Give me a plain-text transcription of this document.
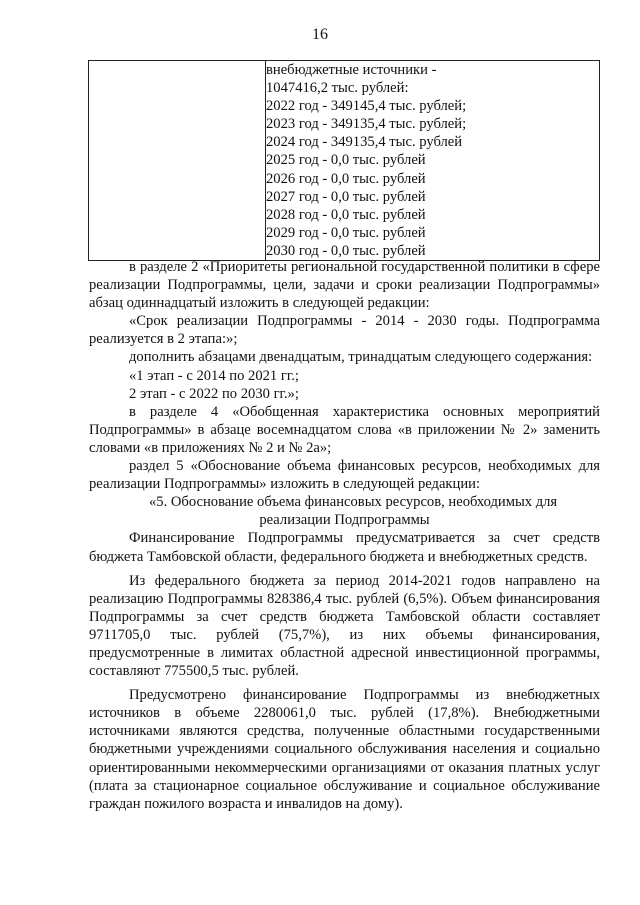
16

внебюджетные источники -
1047416,2 тыс. рублей:
2022 год - 349145,4 тыс. рублей;
2023 год - 349135,4 тыс. рублей;
2024 год - 349135,4 тыс. рублей
2025 год - 0,0 тыс. рублей
2026 год - 0,0 тыс. рублей
2027 год - 0,0 тыс. рублей
2028 год - 0,0 тыс. рублей
2029 год - 0,0 тыс. рублей
2030 год - 0,0 тыс. рублей
в разделе 2 «Приоритеты региональной государственной политики в сфере реализации Подпрограммы, цели, задачи и сроки реализации Подпрограммы» абзац одиннадцатый изложить в следующей редакции:
«Срок реализации Подпрограммы - 2014 - 2030 годы. Подпрограмма реализуется в 2 этапа:»;
дополнить абзацами двенадцатым, тринадцатым следующего содержания:
«1 этап - с 2014 по 2021 гг.;
2 этап - с 2022 по 2030 гг.»;
в разделе 4 «Обобщенная характеристика основных мероприятий Подпрограммы» в абзаце восемнадцатом слова «в приложении № 2» заменить словами «в приложениях № 2 и № 2а»;
раздел 5 «Обоснование объема финансовых ресурсов, необходимых для реализации Подпрограммы» изложить в следующей редакции:
«5. Обоснование объема финансовых ресурсов, необходимых для
реализации Подпрограммы
Финансирование Подпрограммы предусматривается за счет средств бюджета Тамбовской области, федерального бюджета и внебюджетных средств.
Из федерального бюджета за период 2014-2021 годов направлено на реализацию Подпрограммы 828386,4 тыс. рублей (6,5%). Объем финансирования Подпрограммы за счет средств бюджета Тамбовской области составляет 9711705,0 тыс. рублей (75,7%), из них объемы финансирования, предусмотренные в лимитах областной адресной инвестиционной программы, составляют 775500,5 тыс. рублей.
Предусмотрено финансирование Подпрограммы из внебюджетных источников в объеме 2280061,0 тыс. рублей (17,8%). Внебюджетными источниками являются средства, полученные областными государственными бюджетными учреждениями социального обслуживания населения и социально ориентированными некоммерческими организациями от оказания платных услуг (плата за стационарное социальное обслуживание и социальное обслуживание граждан пожилого возраста и инвалидов на дому).
